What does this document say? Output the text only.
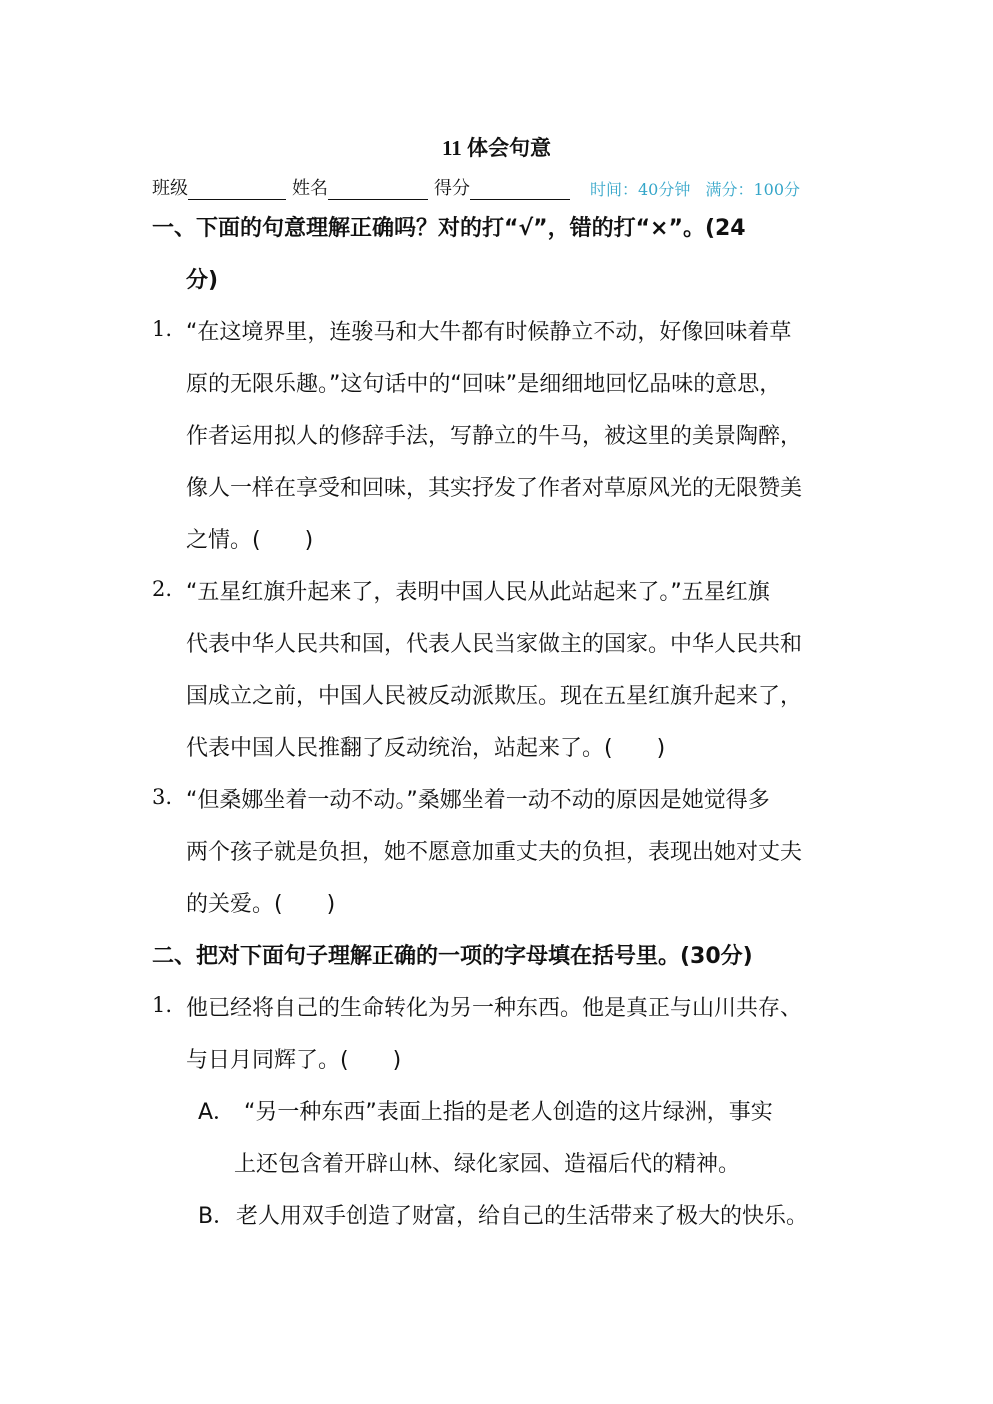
11 体会句意
班级	姓名	得分	时间：40分钟 满分：100分
一、下面的句意理解正确吗？对的打“√”，错的打“×”。(24
分)
1. “在这境界里，连骏马和大牛都有时候静立不动，好像回味着草
原的无限乐趣。”这句话中的“回味”是细细地回忆品味的意思，
作者运用拟人的修辞手法，写静立的牛马，被这里的美景陶醉，
像人一样在享受和回味，其实抒发了作者对草原风光的无限赞美
之情。(　　)
2. “五星红旗升起来了，表明中国人民从此站起来了。”五星红旗
代表中华人民共和国，代表人民当家做主的国家。中华人民共和
国成立之前，中国人民被反动派欺压。现在五星红旗升起来了，
代表中国人民推翻了反动统治，站起来了。(　　)
3. “但桑娜坐着一动不动。”桑娜坐着一动不动的原因是她觉得多
两个孩子就是负担，她不愿意加重丈夫的负担，表现出她对丈夫
的关爱。(　　)
二、把对下面句子理解正确的一项的字母填在括号里。(30分)
1. 他已经将自己的生命转化为另一种东西。他是真正与山川共存、
与日月同辉了。(　　)
A． “另一种东西”表面上指的是老人创造的这片绿洲，事实
上还包含着开辟山林、绿化家园、造福后代的精神。
B． 老人用双手创造了财富，给自己的生活带来了极大的快乐。
